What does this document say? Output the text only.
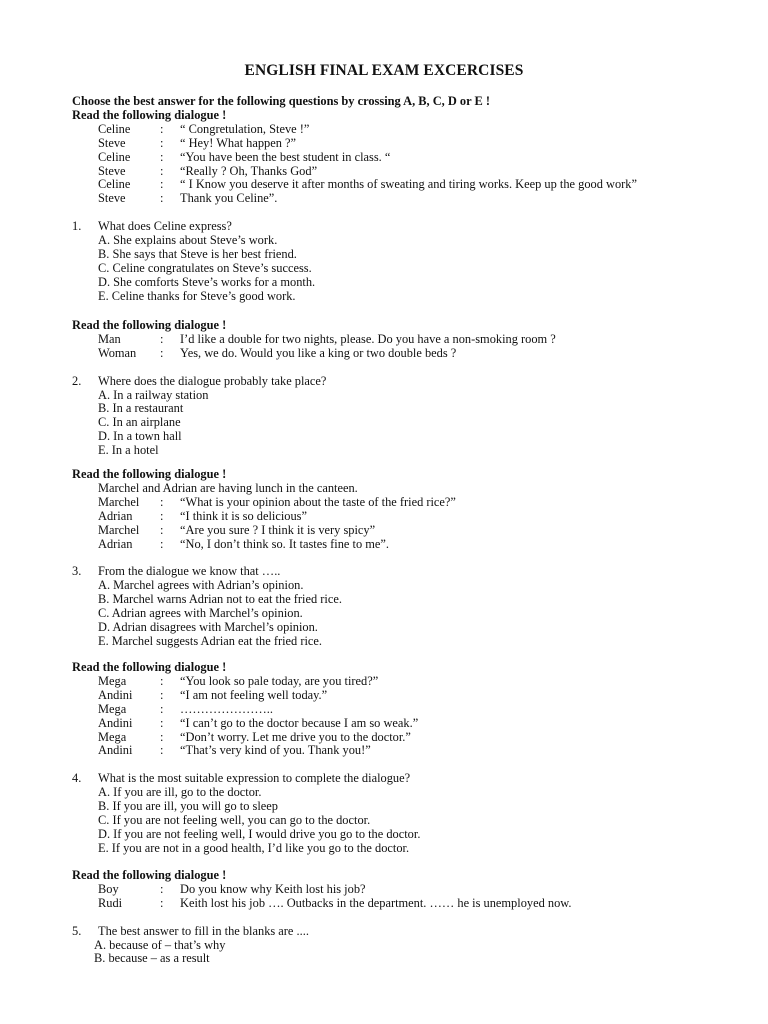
ENGLISH FINAL EXAM EXCERCISES
Choose the best answer for the following questions by crossing A, B, C, D or E !
Read the following dialogue !
Celine : “ Congretulation, Steve !”
Steve	: “ Hey! What happen ?”
Celine : “You have been the best student in class. “
Steve	: “Really ? Oh, Thanks God”
Celine : “ I Know you deserve it after months of sweating and tiring works. Keep up the good work”
Steve	: Thank you Celine”.
1. What does Celine express?
A. She explains about Steve’s work.
B. She says that Steve is her best friend.
C. Celine congratulates on Steve’s success.
D. She comforts Steve’s works for a month.
E. Celine thanks for Steve’s good work.
Read the following dialogue !
Man	: I’d like a double for two nights, please. Do you have a non-smoking room ?
Woman : Yes, we do. Would you like a king or two double beds ?
2. Where does the dialogue probably take place?
A. In a railway station
B. In a restaurant
C. In an airplane
D. In a town hall
E. In a hotel
Read the following dialogue !
Marchel and Adrian are having lunch in the canteen.
Marchel : “What is your opinion about the taste of the fried rice?”
Adrian : “I think it is so delicious”
Marchel : “Are you sure ? I think it is very spicy”
Adrian : “No, I don’t think so. It tastes fine to me”.
3. From the dialogue we know that …..
A. Marchel agrees with Adrian’s opinion.
B. Marchel warns Adrian not to eat the fried rice.
C. Adrian agrees with Marchel’s opinion.
D. Adrian disagrees with Marchel’s opinion.
E. Marchel suggests Adrian eat the fried rice.
Read the following dialogue !
Mega	: “You look so pale today, are you tired?”
Andini : “I am not feeling well today.”
Mega	: …………………..
Andini : “I can’t go to the doctor because I am so weak.”
Mega	: “Don’t worry. Let me drive you to the doctor.”
Andini : “That’s very kind of you. Thank you!”
4. What is the most suitable expression to complete the dialogue?
A. If you are ill, go to the doctor.
B. If you are ill, you will go to sleep
C. If you are not feeling well, you can go to the doctor.
D. If you are not feeling well, I would drive you go to the doctor.
E. If you are not in a good health, I’d like you go to the doctor.
Read the following dialogue !
Boy	: Do you know why Keith lost his job?
Rudi	: Keith lost his job …. Outbacks in the department. …… he is unemployed now.
5. The best answer to fill in the blanks are ....
A. because of – that’s why
B. because – as a result
